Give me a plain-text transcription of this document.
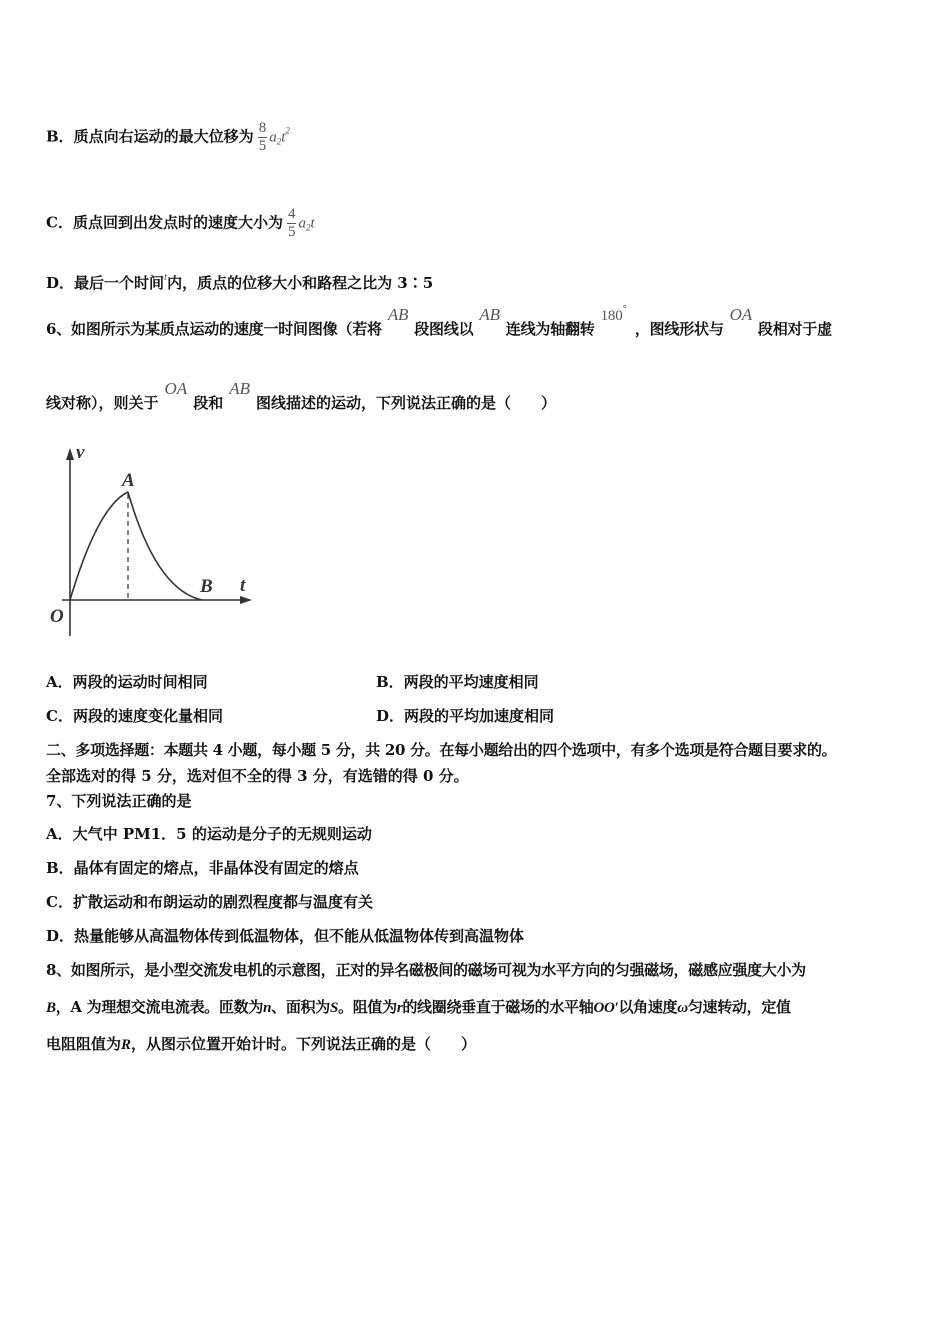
B．质点向右运动的最大位移为 $\frac{8}{5} a_2t^2$
C．质点回到出发点时的速度大小为 $\frac{4}{5} a_2t$
D．最后一个时间$^t$内，质点的位移大小和路程之比为 3∶5
6、如图所示为某质点运动的速度一时间图像（若将AB段图线以AB连线为轴翻转180°，图线形状与OA段相对于虚
线对称），则关于OA段和AB图线描述的运动，下列说法正确的是（　　）
v
A
B t
O
A．两段的运动时间相同	B．两段的平均速度相同
C．两段的速度变化量相同	D．两段的平均加速度相同
二、多项选择题：本题共 4 小题，每小题 5 分，共 20 分。在每小题给出的四个选项中，有多个选项是符合题目要求的。
全部选对的得 5 分，选对但不全的得 3 分，有选错的得 0 分。
7、下列说法正确的是
A．大气中 PM1．5 的运动是分子的无规则运动
B．晶体有固定的熔点，非晶体没有固定的熔点
C．扩散运动和布朗运动的剧烈程度都与温度有关
D．热量能够从高温物体传到低温物体，但不能从低温物体传到高温物体
8、如图所示，是小型交流发电机的示意图，正对的异名磁极间的磁场可视为水平方向的匀强磁场，磁感应强度大小为
B，A 为理想交流电流表。匝数为n、面积为S。阻值为r的线圈绕垂直于磁场的水平轴OO′以角速度ω匀速转动，定值
电阻阻值为R，从图示位置开始计时。下列说法正确的是（　　）
